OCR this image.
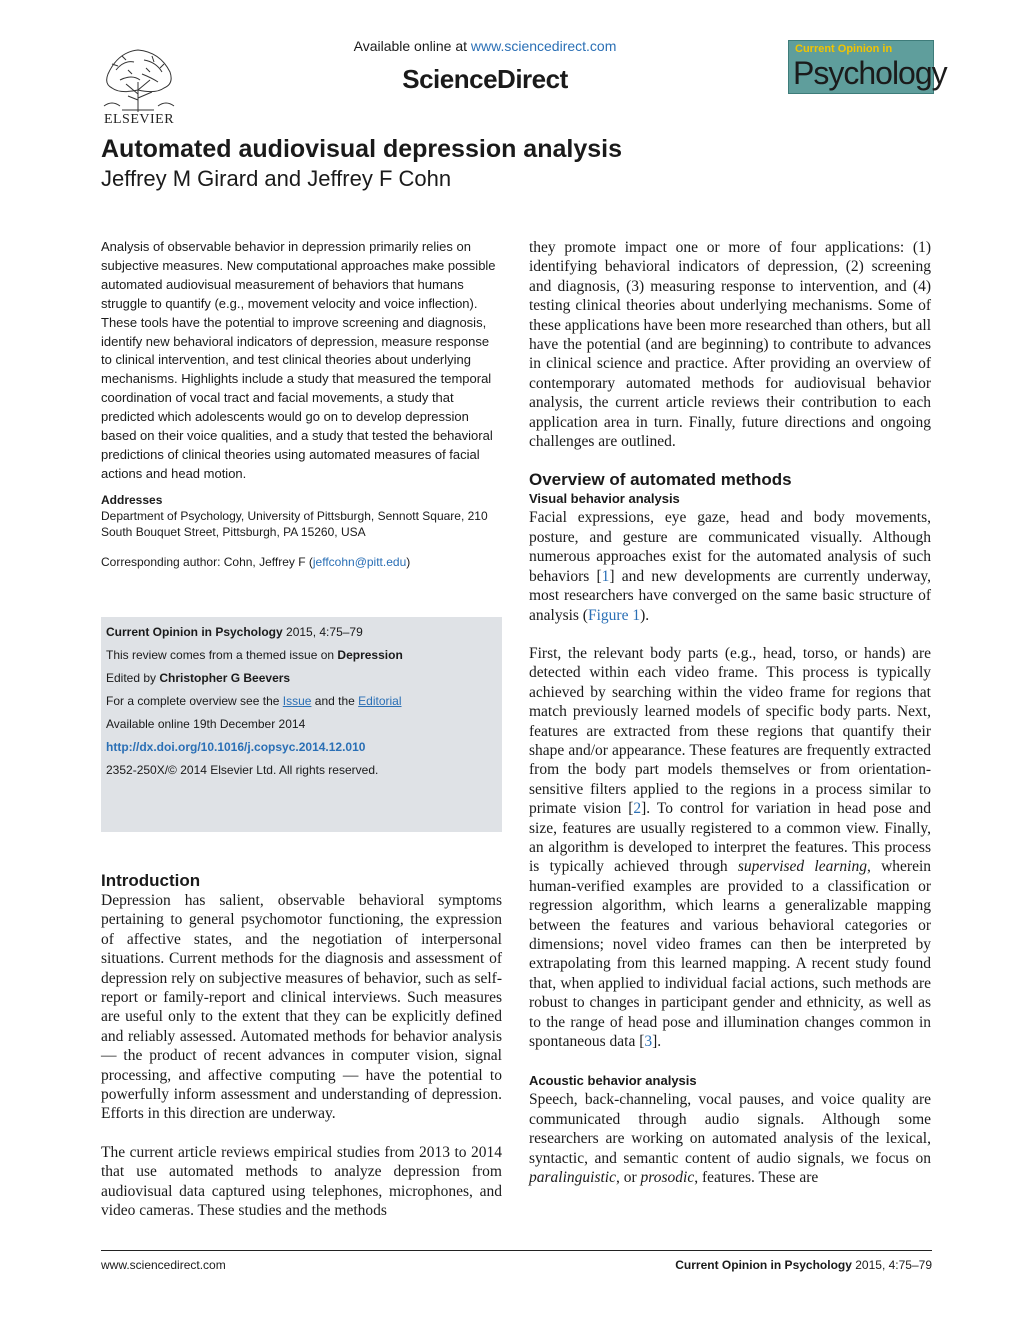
ELSEVIER
Available online at www.sciencedirect.com
ScienceDirect
Current Opinion in
Psychology
Automated audiovisual depression analysis
Jeffrey M Girard and Jeffrey F Cohn

Analysis of observable behavior in depression primarily relies on subjective measures. New computational approaches make possible automated audiovisual measurement of behaviors that humans struggle to quantify (e.g., movement velocity and voice inflection). These tools have the potential to improve screening and diagnosis, identify new behavioral indicators of depression, measure response to clinical intervention, and test clinical theories about underlying mechanisms. Highlights include a study that measured the temporal coordination of vocal tract and facial movements, a study that predicted which adolescents would go on to develop depression based on their voice qualities, and a study that tested the behavioral predictions of clinical theories using automated measures of facial actions and head motion.

Addresses

Department of Psychology, University of Pittsburgh, Sennott Square, 210 South Bouquet Street, Pittsburgh, PA 15260, USA

Corresponding author: Cohn, Jeffrey F (jeffcohn@pitt.edu)

Current Opinion in Psychology 2015, 4:75–79
This review comes from a themed issue on Depression
Edited by Christopher G Beevers
For a complete overview see the Issue and the Editorial
Available online 19th December 2014
http://dx.doi.org/10.1016/j.copsyc.2014.12.010
2352-250X/© 2014 Elsevier Ltd. All rights reserved.

Introduction

Depression has salient, observable behavioral symptoms pertaining to general psychomotor functioning, the expression of affective states, and the negotiation of interpersonal situations. Current methods for the diagnosis and assessment of depression rely on subjective measures of behavior, such as self-report or family-report and clinical interviews. Such measures are useful only to the extent that they can be explicitly defined and reliably assessed. Automated methods for behavior analysis — the product of recent advances in computer vision, signal processing, and affective computing — have the potential to powerfully inform assessment and understanding of depression. Efforts in this direction are underway.

The current article reviews empirical studies from 2013 to 2014 that use automated methods to analyze depression from audiovisual data captured using telephones, microphones, and video cameras. These studies and the methods

they promote impact one or more of four applications: (1) identifying behavioral indicators of depression, (2) screening and diagnosis, (3) measuring response to intervention, and (4) testing clinical theories about underlying mechanisms. Some of these applications have been more researched than others, but all have the potential (and are beginning) to contribute to advances in clinical science and practice. After providing an overview of contemporary automated methods for audiovisual behavior analysis, the current article reviews their contribution to each application area in turn. Finally, future directions and ongoing challenges are outlined.

Overview of automated methods

Visual behavior analysis

Facial expressions, eye gaze, head and body movements, posture, and gesture are communicated visually. Although numerous approaches exist for the automated analysis of such behaviors [1] and new developments are currently underway, most researchers have converged on the same basic structure of analysis (Figure 1).

First, the relevant body parts (e.g., head, torso, or hands) are detected within each video frame. This process is typically achieved by searching within the video frame for regions that match previously learned models of specific body parts. Next, features are extracted from these regions that quantify their shape and/or appearance. These features are frequently extracted from the body part models themselves or from orientation-sensitive filters applied to the regions in a process similar to primate vision [2]. To control for variation in head pose and size, features are usually registered to a common view. Finally, an algorithm is developed to interpret the features. This process is typically achieved through supervised learning, wherein human-verified examples are provided to a classification or regression algorithm, which learns a generalizable mapping between the features and various behavioral categories or dimensions; novel video frames can then be interpreted by extrapolating from this learned mapping. A recent study found that, when applied to individual facial actions, such methods are robust to changes in participant gender and ethnicity, as well as to the range of head pose and illumination changes common in spontaneous data [3].

Acoustic behavior analysis

Speech, back-channeling, vocal pauses, and voice quality are communicated through audio signals. Although some researchers are working on automated analysis of the lexical, syntactic, and semantic content of audio signals, we focus on paralinguistic, or prosodic, features. These are

www.sciencedirect.com	Current Opinion in Psychology 2015, 4:75–79
